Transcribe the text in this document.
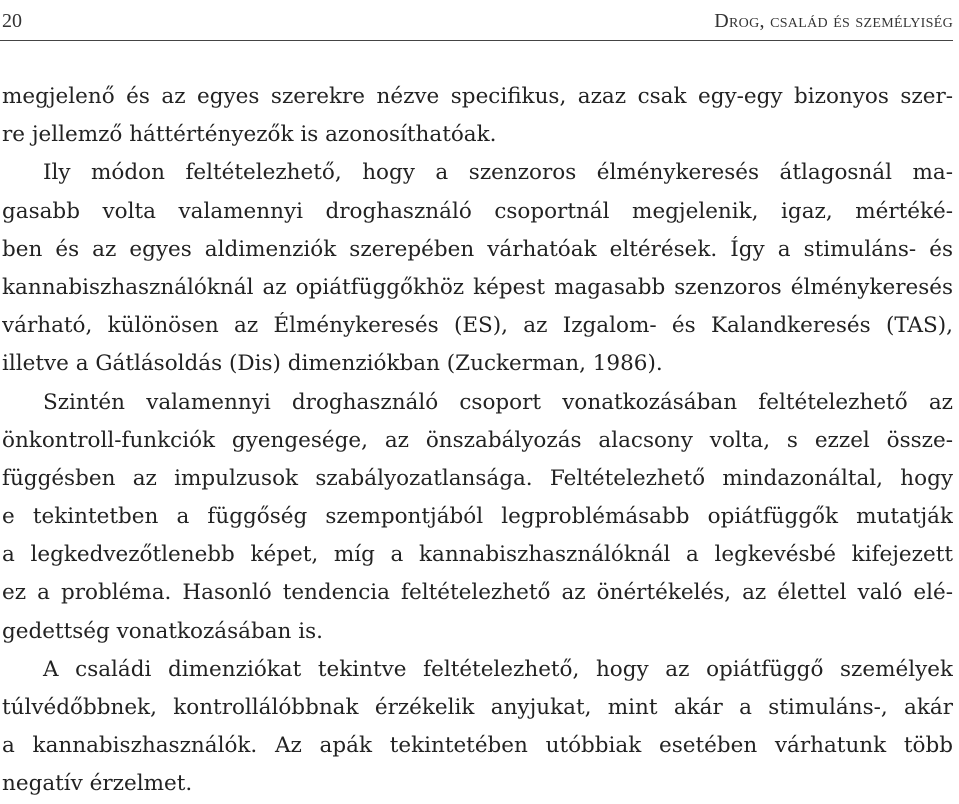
20	Drog, család és személyiség
megjelenő és az egyes szerekre nézve specifikus, azaz csak egy-egy bizonyos szer-
re jellemző háttértényezők is azonosíthatóak.
Ily módon feltételezhető, hogy a szenzoros élménykeresés átlagosnál ma-
gasabb volta valamennyi droghasználó csoportnál megjelenik, igaz, mértéké-
ben és az egyes aldimenziók szerepében várhatóak eltérések. Így a stimuláns- és
kannabiszhasználóknál az opiátfüggőkhöz képest magasabb szenzoros élménykeresés
várható, különösen az Élménykeresés (ES), az Izgalom- és Kalandkeresés (TAS),
illetve a Gátlásoldás (Dis) dimenziókban (Zuckerman, 1986).
Szintén valamennyi droghasználó csoport vonatkozásában feltételezhető az
önkontroll-funkciók gyengesége, az önszabályozás alacsony volta, s ezzel össze-
függésben az impulzusok szabályozatlansága. Feltételezhető mindazonáltal, hogy
e tekintetben a függőség szempontjából legproblémásabb opiátfüggők mutatják
a legkedvezőtlenebb képet, míg a kannabiszhasználóknál a legkevésbé kifejezett
ez a probléma. Hasonló tendencia feltételezhető az önértékelés, az élettel való elé-
gedettség vonatkozásában is.
A családi dimenziókat tekintve feltételezhető, hogy az opiátfüggő személyek
túlvédőbbnek, kontrollálóbbnak érzékelik anyjukat, mint akár a stimuláns-, akár
a kannabiszhasználók. Az apák tekintetében utóbbiak esetében várhatunk több
negatív érzelmet.
